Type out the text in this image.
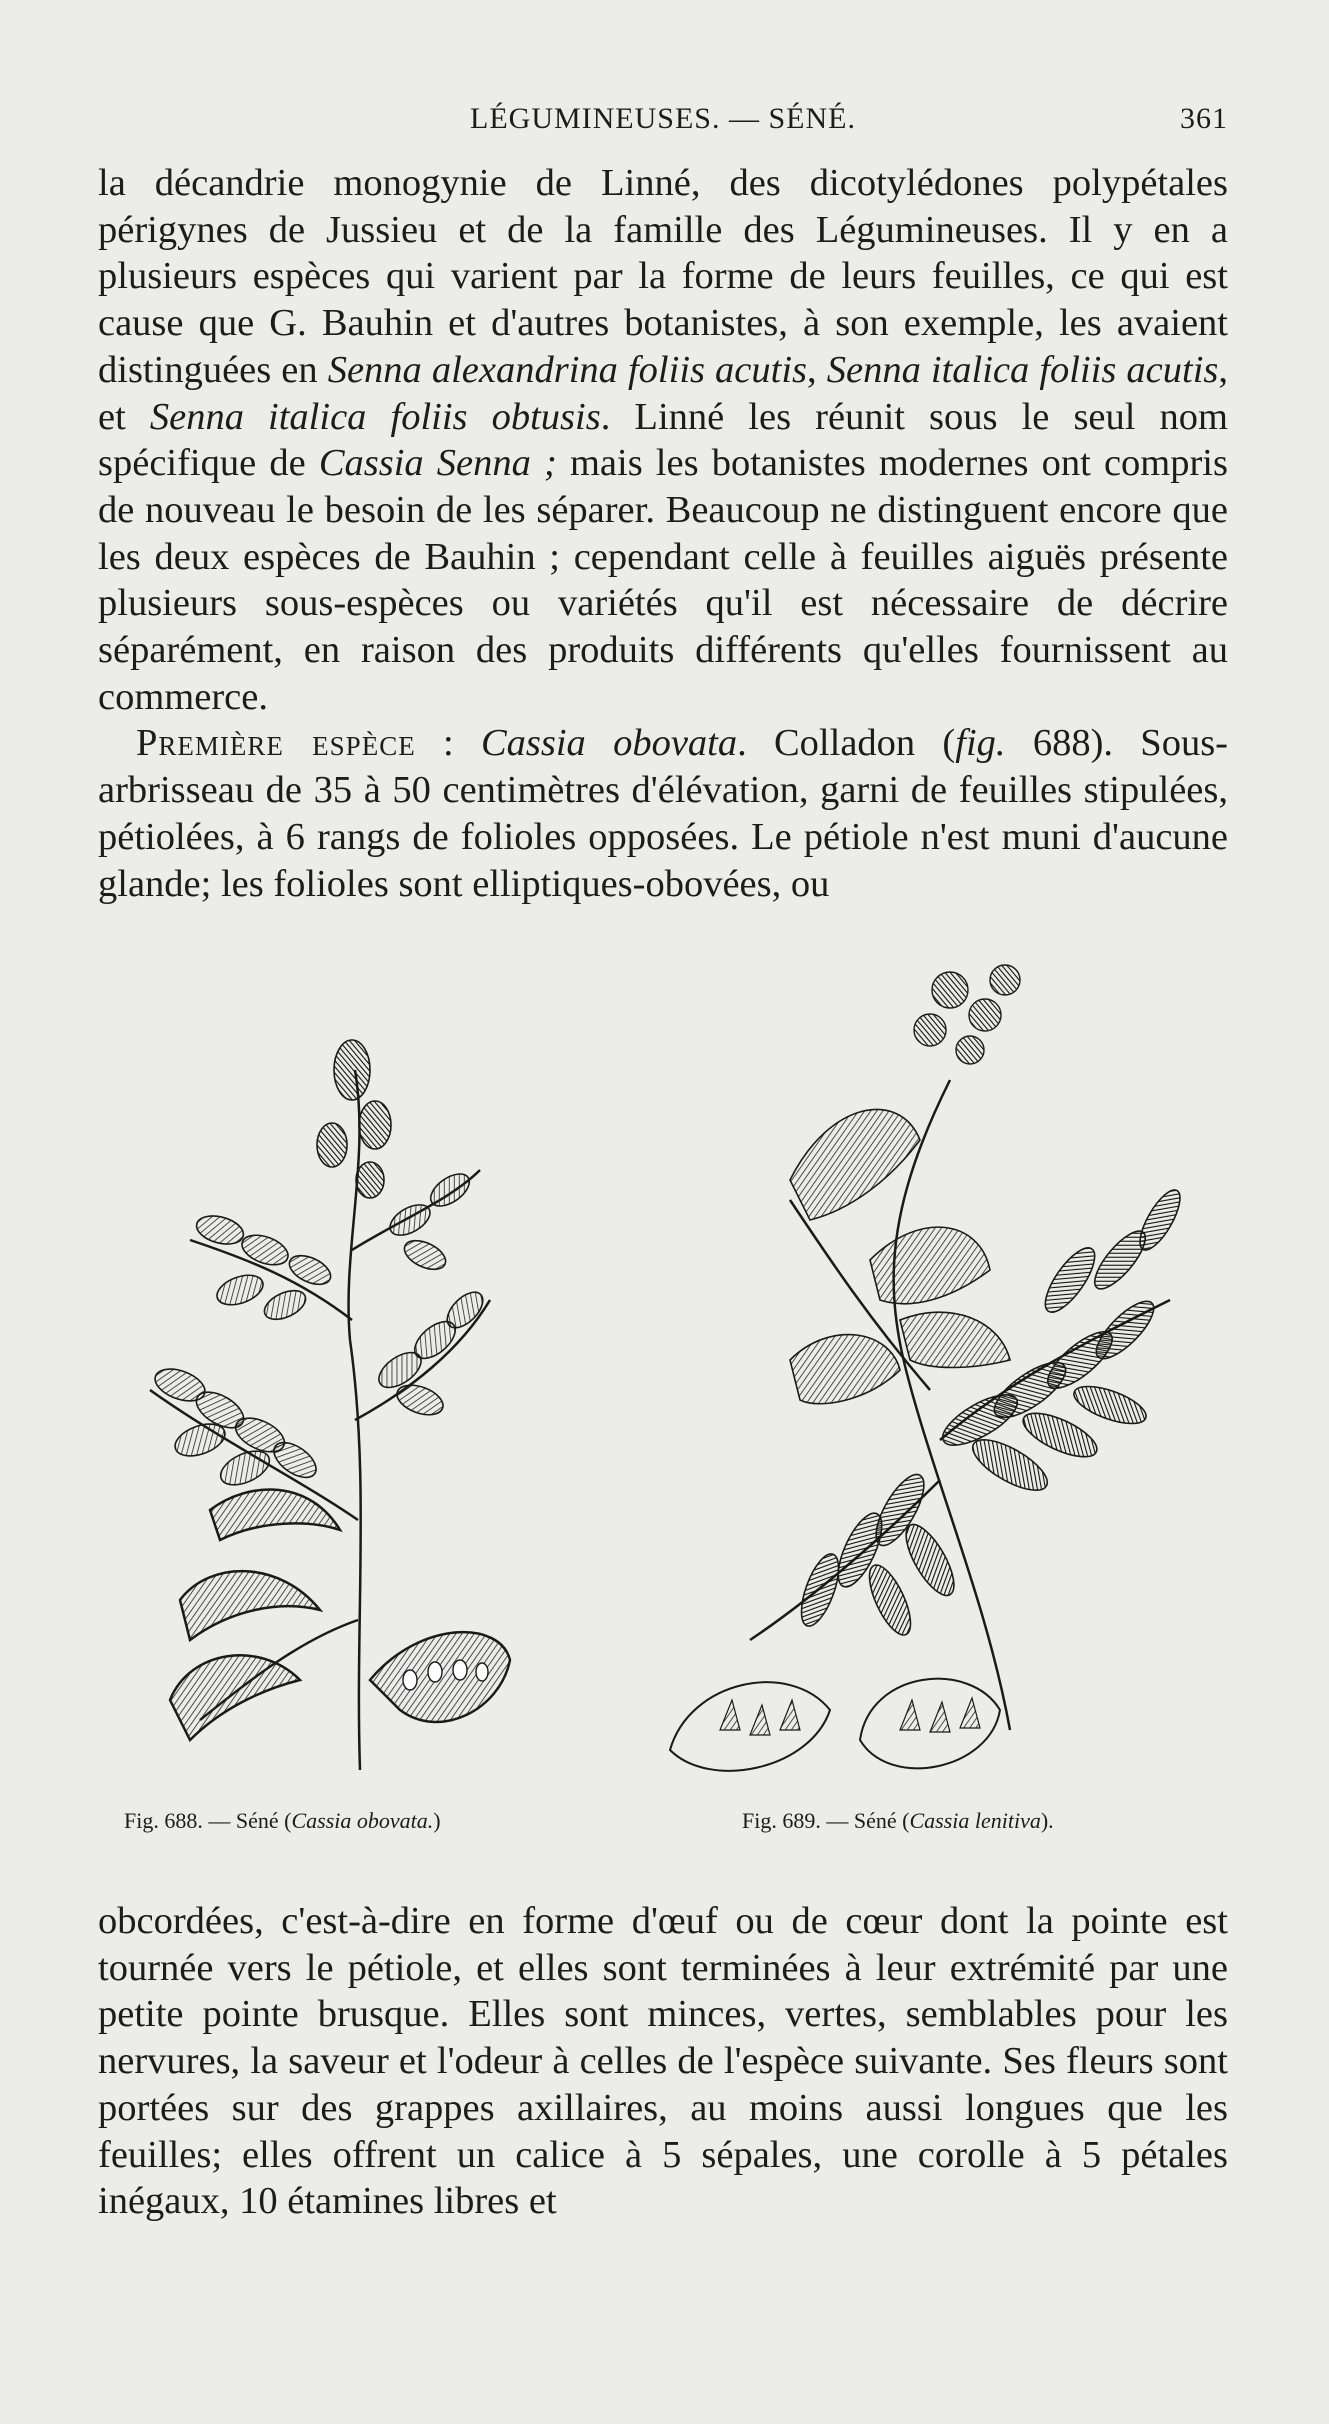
LÉGUMINEUSES. — SÉNÉ.	361

la décandrie monogynie de Linné, des dicotylédones polypétales périgynes de Jussieu et de la famille des Légumineuses. Il y en a plusieurs espèces qui varient par la forme de leurs feuilles, ce qui est cause que G. Bauhin et d'autres botanistes, à son exemple, les avaient distinguées en Senna alexandrina foliis acutis, Senna italica foliis acutis, et Senna italica foliis obtusis. Linné les réunit sous le seul nom spécifique de Cassia Senna ; mais les botanistes modernes ont compris de nouveau le besoin de les séparer. Beaucoup ne distinguent encore que les deux espèces de Bauhin ; cependant celle à feuilles aiguës présente plusieurs sous-espèces ou variétés qu'il est nécessaire de décrire séparément, en raison des produits différents qu'elles fournissent au commerce.

Première espèce : Cassia obovata. Colladon (fig. 688). Sous-arbrisseau de 35 à 50 centimètres d'élévation, garni de feuilles stipulées, pétiolées, à 6 rangs de folioles opposées. Le pétiole n'est muni d'aucune glande; les folioles sont elliptiques-obovées, ou

Fig. 688. — Séné (Cassia obovata.)	Fig. 689. — Séné (Cassia lenitiva).

obcordées, c'est-à-dire en forme d'œuf ou de cœur dont la pointe est tournée vers le pétiole, et elles sont terminées à leur extrémité par une petite pointe brusque. Elles sont minces, vertes, semblables pour les nervures, la saveur et l'odeur à celles de l'espèce suivante. Ses fleurs sont portées sur des grappes axillaires, au moins aussi longues que les feuilles; elles offrent un calice à 5 sépales, une corolle à 5 pétales inégaux, 10 étamines libres et
